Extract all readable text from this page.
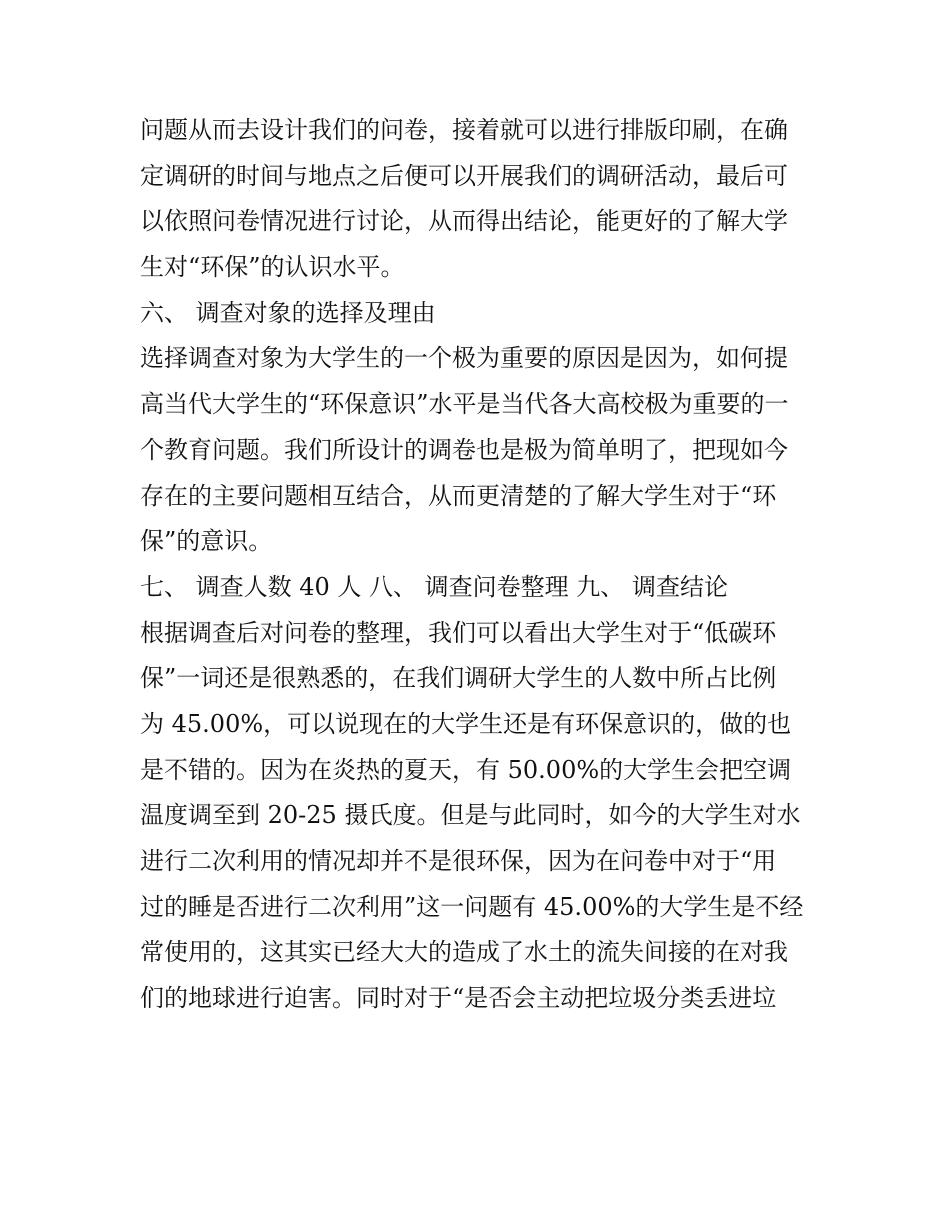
问题从而去设计我们的问卷，接着就可以进行排版印刷，在确
定调研的时间与地点之后便可以开展我们的调研活动，最后可
以依照问卷情况进行讨论，从而得出结论，能更好的了解大学
生对“环保”的认识水平。
六、 调查对象的选择及理由
选择调查对象为大学生的一个极为重要的原因是因为，如何提
高当代大学生的“环保意识”水平是当代各大高校极为重要的一
个教育问题。我们所设计的调卷也是极为简单明了，把现如今
存在的主要问题相互结合，从而更清楚的了解大学生对于“环
保”的意识。
七、 调查人数 40 人 八、 调查问卷整理 九、 调查结论
根据调查后对问卷的整理，我们可以看出大学生对于“低碳环
保”一词还是很熟悉的，在我们调研大学生的人数中所占比例
为 45.00%，可以说现在的大学生还是有环保意识的，做的也
是不错的。因为在炎热的夏天，有 50.00%的大学生会把空调
温度调至到 20-25 摄氏度。但是与此同时，如今的大学生对水
进行二次利用的情况却并不是很环保，因为在问卷中对于“用
过的睡是否进行二次利用”这一问题有 45.00%的大学生是不经
常使用的，这其实已经大大的造成了水土的流失间接的在对我
们的地球进行迫害。同时对于“是否会主动把垃圾分类丢进垃
